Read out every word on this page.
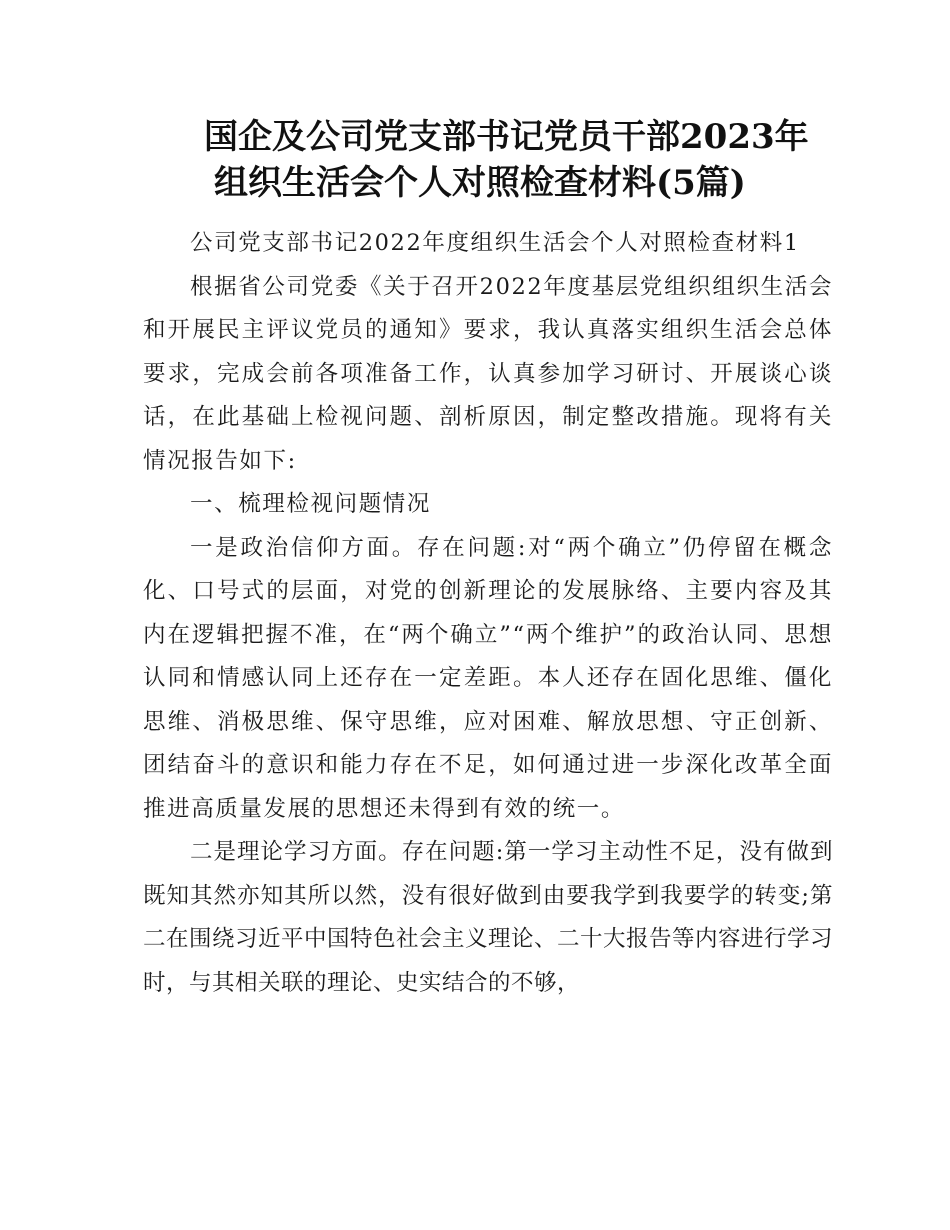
国企及公司党支部书记党员干部2023年
组织生活会个人对照检查材料(5篇)

公司党支部书记2022年度组织生活会个人对照检查材料1

根据省公司党委《关于召开2022年度基层党组织组织生活会和开展民主评议党员的通知》要求，我认真落实组织生活会总体要求，完成会前各项准备工作，认真参加学习研讨、开展谈心谈话，在此基础上检视问题、剖析原因，制定整改措施。现将有关情况报告如下:

一、梳理检视问题情况

一是政治信仰方面。存在问题:对“两个确立”仍停留在概念化、口号式的层面，对党的创新理论的发展脉络、主要内容及其内在逻辑把握不准，在“两个确立”“两个维护”的政治认同、思想认同和情感认同上还存在一定差距。本人还存在固化思维、僵化思维、消极思维、保守思维，应对困难、解放思想、守正创新、团结奋斗的意识和能力存在不足，如何通过进一步深化改革全面推进高质量发展的思想还未得到有效的统一。

二是理论学习方面。存在问题:第一学习主动性不足，没有做到既知其然亦知其所以然，没有很好做到由要我学到我要学的转变;第二在围绕习近平中国特色社会主义理论、二十大报告等内容进行学习时，与其相关联的理论、史实结合的不够，
